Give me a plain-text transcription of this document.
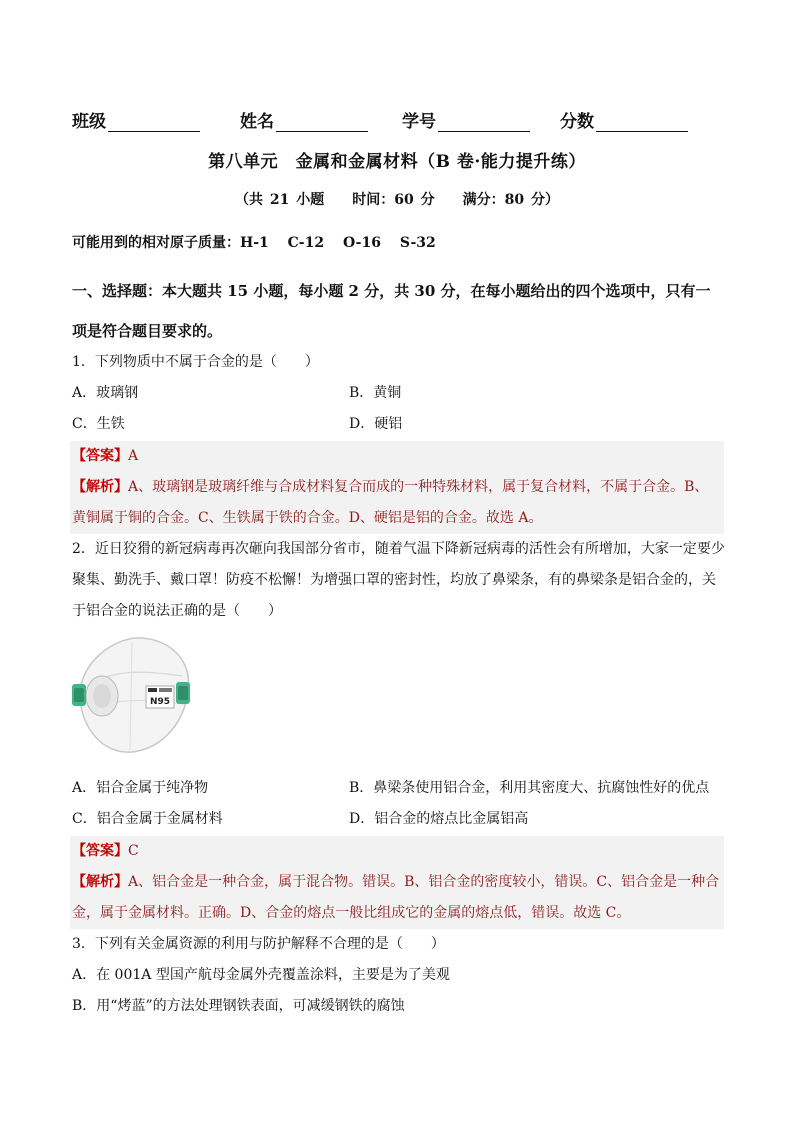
班级	姓名	学号	分数
第八单元　金属和金属材料（B 卷·能力提升练）
（共 21 小题　　时间：60 分　　满分：80 分）
可能用到的相对原子质量：H-1　 C-12　 O-16　 S-32
一、选择题：本大题共 15 小题，每小题 2 分，共 30 分，在每小题给出的四个选项中，只有一项是符合题目要求的。
1．下列物质中不属于合金的是（　　）
A．玻璃钢	B．黄铜
C．生铁	D．硬铝
【答案】A
【解析】A、玻璃钢是玻璃纤维与合成材料复合而成的一种特殊材料，属于复合材料，不属于合金。B、黄铜属于铜的合金。C、生铁属于铁的合金。D、硬铝是铝的合金。故选 A。
2．近日狡猾的新冠病毒再次砸向我国部分省市，随着气温下降新冠病毒的活性会有所增加，大家一定要少
聚集、勤洗手、戴口罩！防疫不松懈！为增强口罩的密封性，均放了鼻梁条，有的鼻梁条是铝合金的，关
于铝合金的说法正确的是（　　）
N95
A．铝合金属于纯净物	B．鼻梁条使用铝合金，利用其密度大、抗腐蚀性好的优点
C．铝合金属于金属材料	D．铝合金的熔点比金属铝高
【答案】C
【解析】A、铝合金是一种合金，属于混合物。错误。B、铝合金的密度较小，错误。C、铝合金是一种合金，属于金属材料。正确。D、合金的熔点一般比组成它的金属的熔点低，错误。故选 C。
3．下列有关金属资源的利用与防护解释不合理的是（　　）
A．在 001A 型国产航母金属外壳覆盖涂料，主要是为了美观
B．用“烤蓝”的方法处理钢铁表面，可减缓钢铁的腐蚀
